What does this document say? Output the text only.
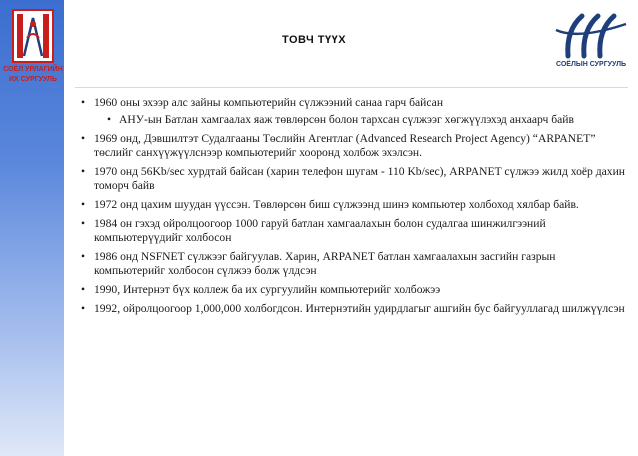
СОЁЛ УРЛАГИЙН
ИХ СУРГУУЛЬ
ТОВЧ ТҮҮХ
СОЁЛЫН СУРГУУЛЬ
• 1960 оны эхээр алс зайны компьютерийн сүлжээний санаа гарч байсан
• АНУ-ын Батлан хамгаалах яаж төвлөрсөн болон тархсан сүлжээг хөгжүүлэхэд анхаарч байв
• 1969 онд, Дэвшилтэт Судалгааны Төслийн Агентлаг (Advanced Research Project Agency) “ARPANET” төслийг санхүүжүүлснээр компьютерийг хооронд холбож эхэлсэн.
• 1970 онд 56Kb/sec хурдтай байсан (харин телефон шугам - 110 Kb/sec), ARPANET сүлжээ жилд хоёр дахин томорч байв
• 1972 онд цахим шуудан үүссэн. Төвлөрсөн биш сүлжээнд шинэ компьютер холбоход хялбар байв.
• 1984 он гэхэд ойролцоогоор 1000 гаруй батлан хамгаалахын болон судалгаа шинжилгээний компьютерүүдийг холбосон
• 1986 онд NSFNET сүлжээг байгуулав. Харин, ARPANET батлан хамгаалахын засгийн газрын компьютерийг холбосон сүлжээ болж үлдсэн
• 1990, Интернэт бүх коллеж ба их сургуулийн компьютерийг холбожээ
• 1992, ойролцоогоор 1,000,000 холбогдсон. Интернэтийн удирдлагыг ашгийн бус байгууллагад шилжүүлсэн
